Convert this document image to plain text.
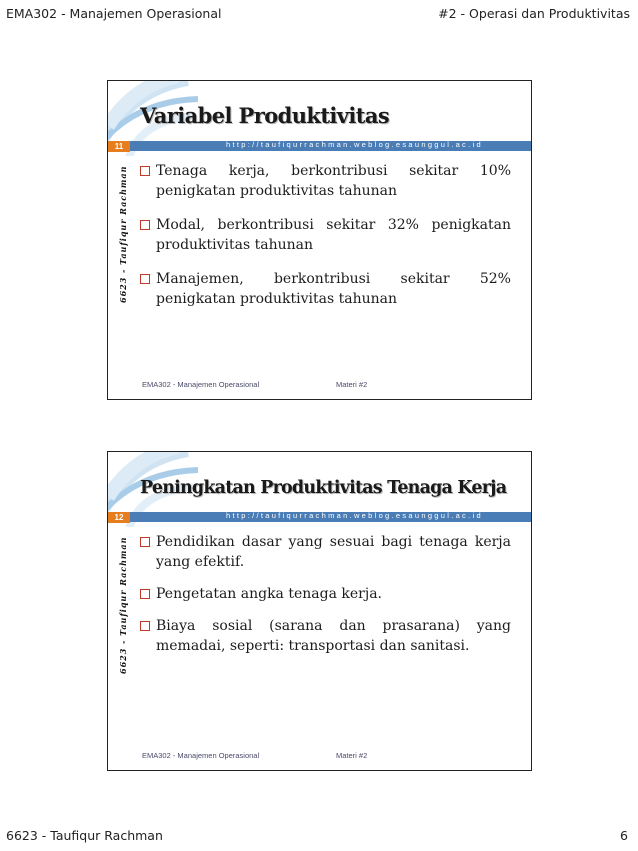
EMA302 - Manajemen Operasional	#2 - Operasi dan Produktivitas
Variabel Produktivitas
11	http://taufiqurrachman.weblog.esaunggul.ac.id
6623 - Taufiqur Rachman	Tenaga kerja, berkontribusi sekitar 10% penigkatan produktivitas tahunan
Modal, berkontribusi sekitar 32% penigkatan produktivitas tahunan
Manajemen, berkontribusi sekitar 52% penigkatan produktivitas tahunan
EMA302 - Manajemen Operasional	Materi #2
Peningkatan Produktivitas Tenaga Kerja
12	http://taufiqurrachman.weblog.esaunggul.ac.id
6623 - Taufiqur Rachman	Pendidikan dasar yang sesuai bagi tenaga kerja yang efektif.
Pengetatan angka tenaga kerja.
Biaya sosial (sarana dan prasarana) yang memadai, seperti: transportasi dan sanitasi.
EMA302 - Manajemen Operasional	Materi #2
6623 - Taufiqur Rachman	6
